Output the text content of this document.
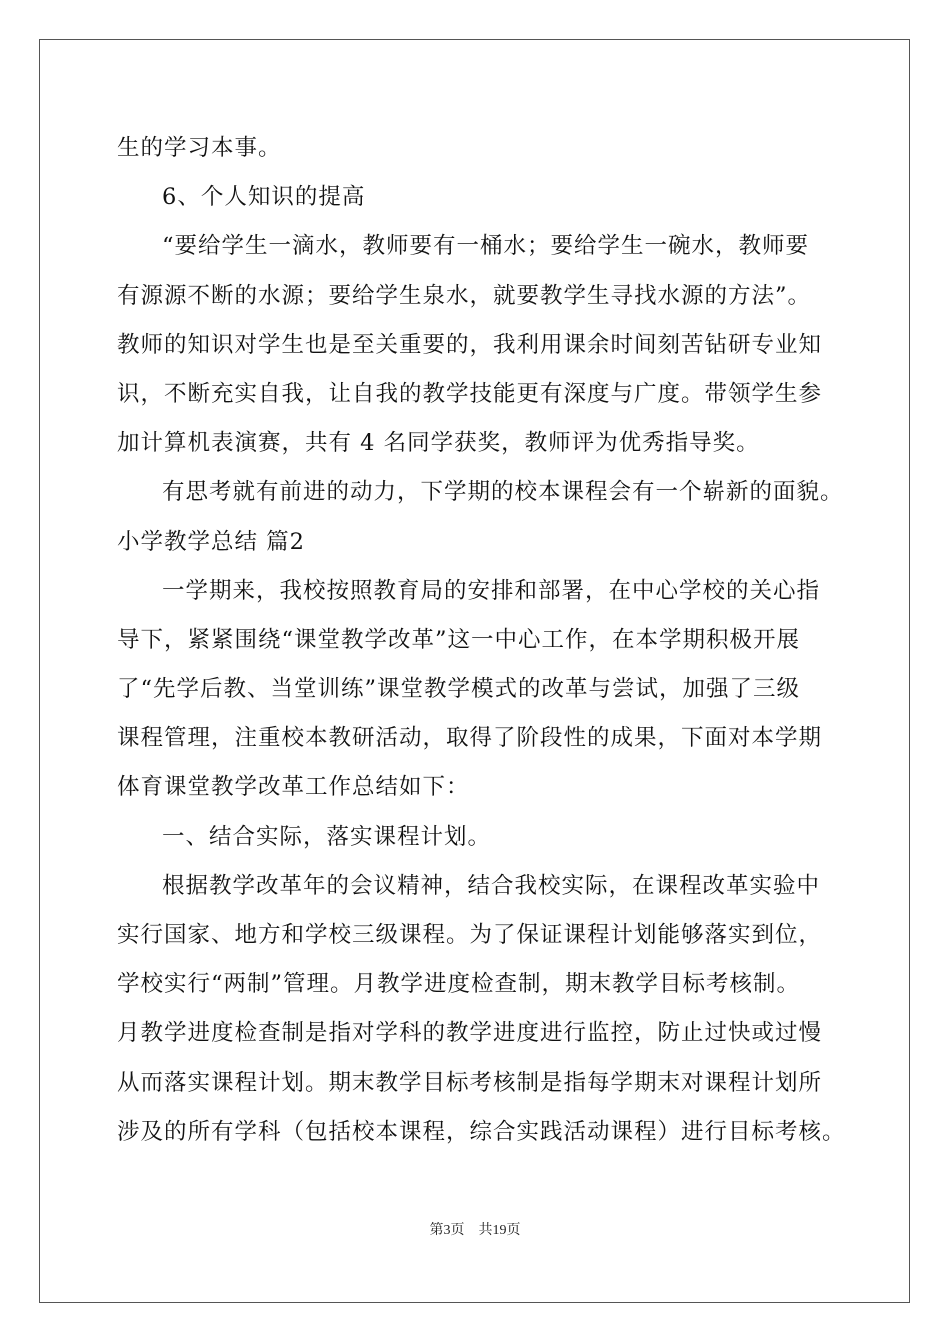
生的学习本事。
6、个人知识的提高
“要给学生一滴水，教师要有一桶水；要给学生一碗水，教师要
有源源不断的水源；要给学生泉水，就要教学生寻找水源的方法”。
教师的知识对学生也是至关重要的，我利用课余时间刻苦钻研专业知
识，不断充实自我，让自我的教学技能更有深度与广度。带领学生参
加计算机表演赛，共有 4 名同学获奖，教师评为优秀指导奖。
有思考就有前进的动力，下学期的校本课程会有一个崭新的面貌。
小学教学总结 篇2
一学期来，我校按照教育局的安排和部署，在中心学校的关心指
导下，紧紧围绕“课堂教学改革”这一中心工作，在本学期积极开展
了“先学后教、当堂训练”课堂教学模式的改革与尝试，加强了三级
课程管理，注重校本教研活动，取得了阶段性的成果，下面对本学期
体育课堂教学改革工作总结如下：
一、结合实际，落实课程计划。
根据教学改革年的会议精神，结合我校实际，在课程改革实验中
实行国家、地方和学校三级课程。为了保证课程计划能够落实到位，
学校实行“两制”管理。月教学进度检查制，期末教学目标考核制。
月教学进度检查制是指对学科的教学进度进行监控，防止过快或过慢
从而落实课程计划。期末教学目标考核制是指每学期末对课程计划所
涉及的所有学科（包括校本课程，综合实践活动课程）进行目标考核。
第3页 共19页
